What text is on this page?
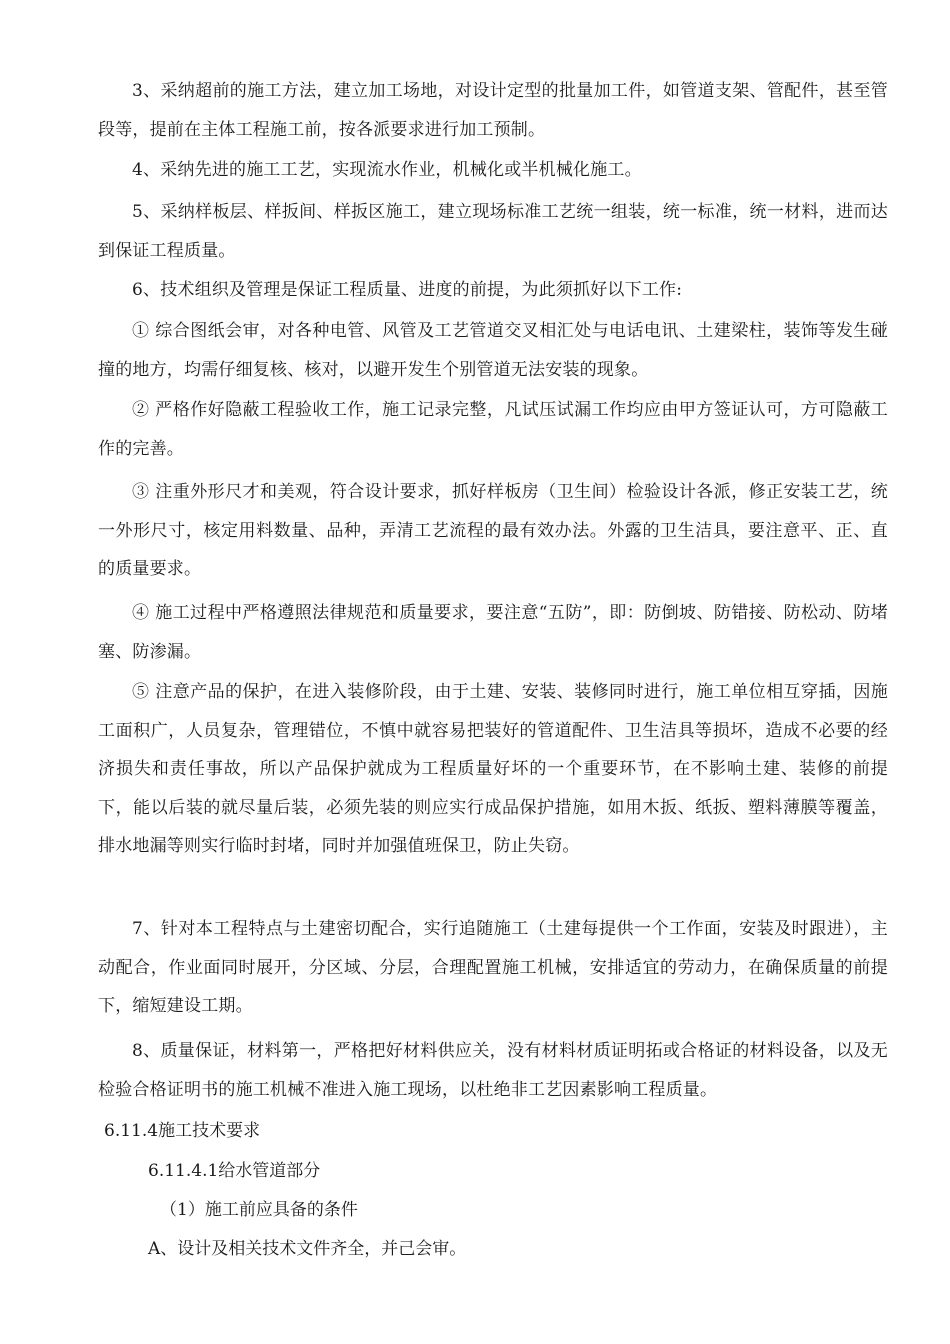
3、采纳超前的施工方法，建立加工场地，对设计定型的批量加工件，如管道支架、管配件，甚至管段等，提前在主体工程施工前，按各派要求进行加工预制。

4、采纳先进的施工工艺，实现流水作业，机械化或半机械化施工。

5、采纳样板层、样扳间、样扳区施工，建立现场标准工艺统一组装，统一标准，统一材料，进而达到保证工程质量。

6、技术组织及管理是保证工程质量、进度的前提，为此须抓好以下工作:

① 综合图纸会审，对各种电管、风管及工艺管道交叉相汇处与电话电讯、土建梁柱，装饰等发生碰撞的地方，均需仔细复核、核对，以避开发生个别管道无法安装的现象。

② 严格作好隐蔽工程验收工作，施工记录完整，凡试压试漏工作均应由甲方签证认可，方可隐蔽工作的完善。

③ 注重外形尺才和美观，符合设计要求，抓好样板房（卫生间）检验设计各派，修正安装工艺，统一外形尺寸，核定用料数量、品种，弄清工艺流程的最有效办法。外露的卫生洁具，要注意平、正、直的质量要求。

④ 施工过程中严格遵照法律规范和质量要求，要注意“五防”，即：防倒坡、防错接、防松动、防堵塞、防渗漏。

⑤ 注意产品的保护，在进入装修阶段，由于土建、安装、装修同时进行，施工单位相互穿插，因施工面积广，人员复杂，管理错位，不慎中就容易把装好的管道配件、卫生洁具等损坏，造成不必要的经济损失和责任事故，所以产品保护就成为工程质量好坏的一个重要环节，在不影响土建、装修的前提下，能以后装的就尽量后装，必须先装的则应实行成品保护措施，如用木扳、纸扳、塑料薄膜等覆盖，排水地漏等则实行临时封堵，同时并加强值班保卫，防止失窃。

7、针对本工程特点与土建密切配合，实行追随施工（土建每提供一个工作面，安装及时跟进），主动配合，作业面同时展开，分区域、分层，合理配置施工机械，安排适宜的劳动力，在确保质量的前提下，缩短建设工期。

8、质量保证，材料第一，严格把好材料供应关，没有材料材质证明拓或合格证的材料设备，以及无检验合格证明书的施工机械不准进入施工现场，以杜绝非工艺因素影响工程质量。

6.11.4施工技术要求

6.11.4.1给水管道部分

（1）施工前应具备的条件

A、设计及相关技术文件齐全，并己会审。
